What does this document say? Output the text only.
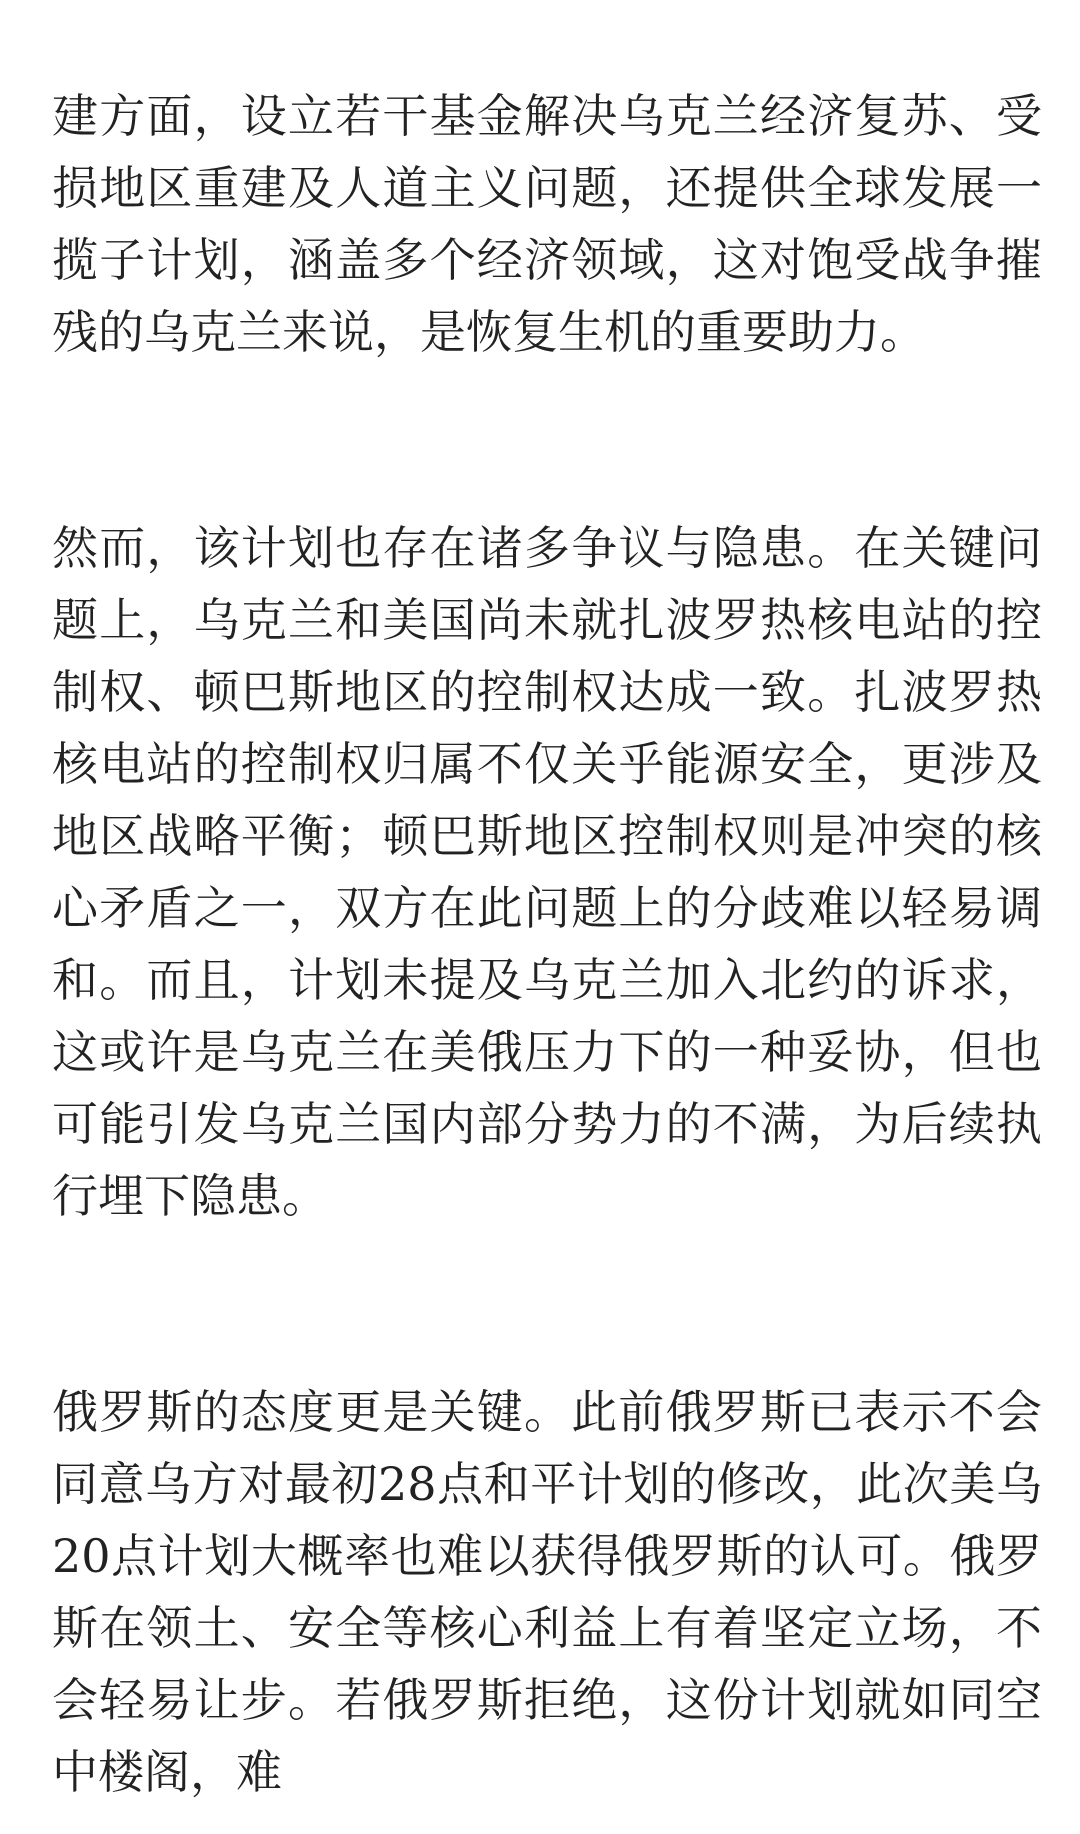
建方面，设立若干基金解决乌克兰经济复苏、受损地区重建及人道主义问题，还提供全球发展一揽子计划，涵盖多个经济领域，这对饱受战争摧残的乌克兰来说，是恢复生机的重要助力。

然而，该计划也存在诸多争议与隐患。在关键问题上，乌克兰和美国尚未就扎波罗热核电站的控制权、顿巴斯地区的控制权达成一致。扎波罗热核电站的控制权归属不仅关乎能源安全，更涉及地区战略平衡；顿巴斯地区控制权则是冲突的核心矛盾之一，双方在此问题上的分歧难以轻易调和。而且，计划未提及乌克兰加入北约的诉求，这或许是乌克兰在美俄压力下的一种妥协，但也可能引发乌克兰国内部分势力的不满，为后续执行埋下隐患。

俄罗斯的态度更是关键。此前俄罗斯已表示不会同意乌方对最初28点和平计划的修改，此次美乌20点计划大概率也难以获得俄罗斯的认可。俄罗斯在领土、安全等核心利益上有着坚定立场，不会轻易让步。若俄罗斯拒绝，这份计划就如同空中楼阁，难
